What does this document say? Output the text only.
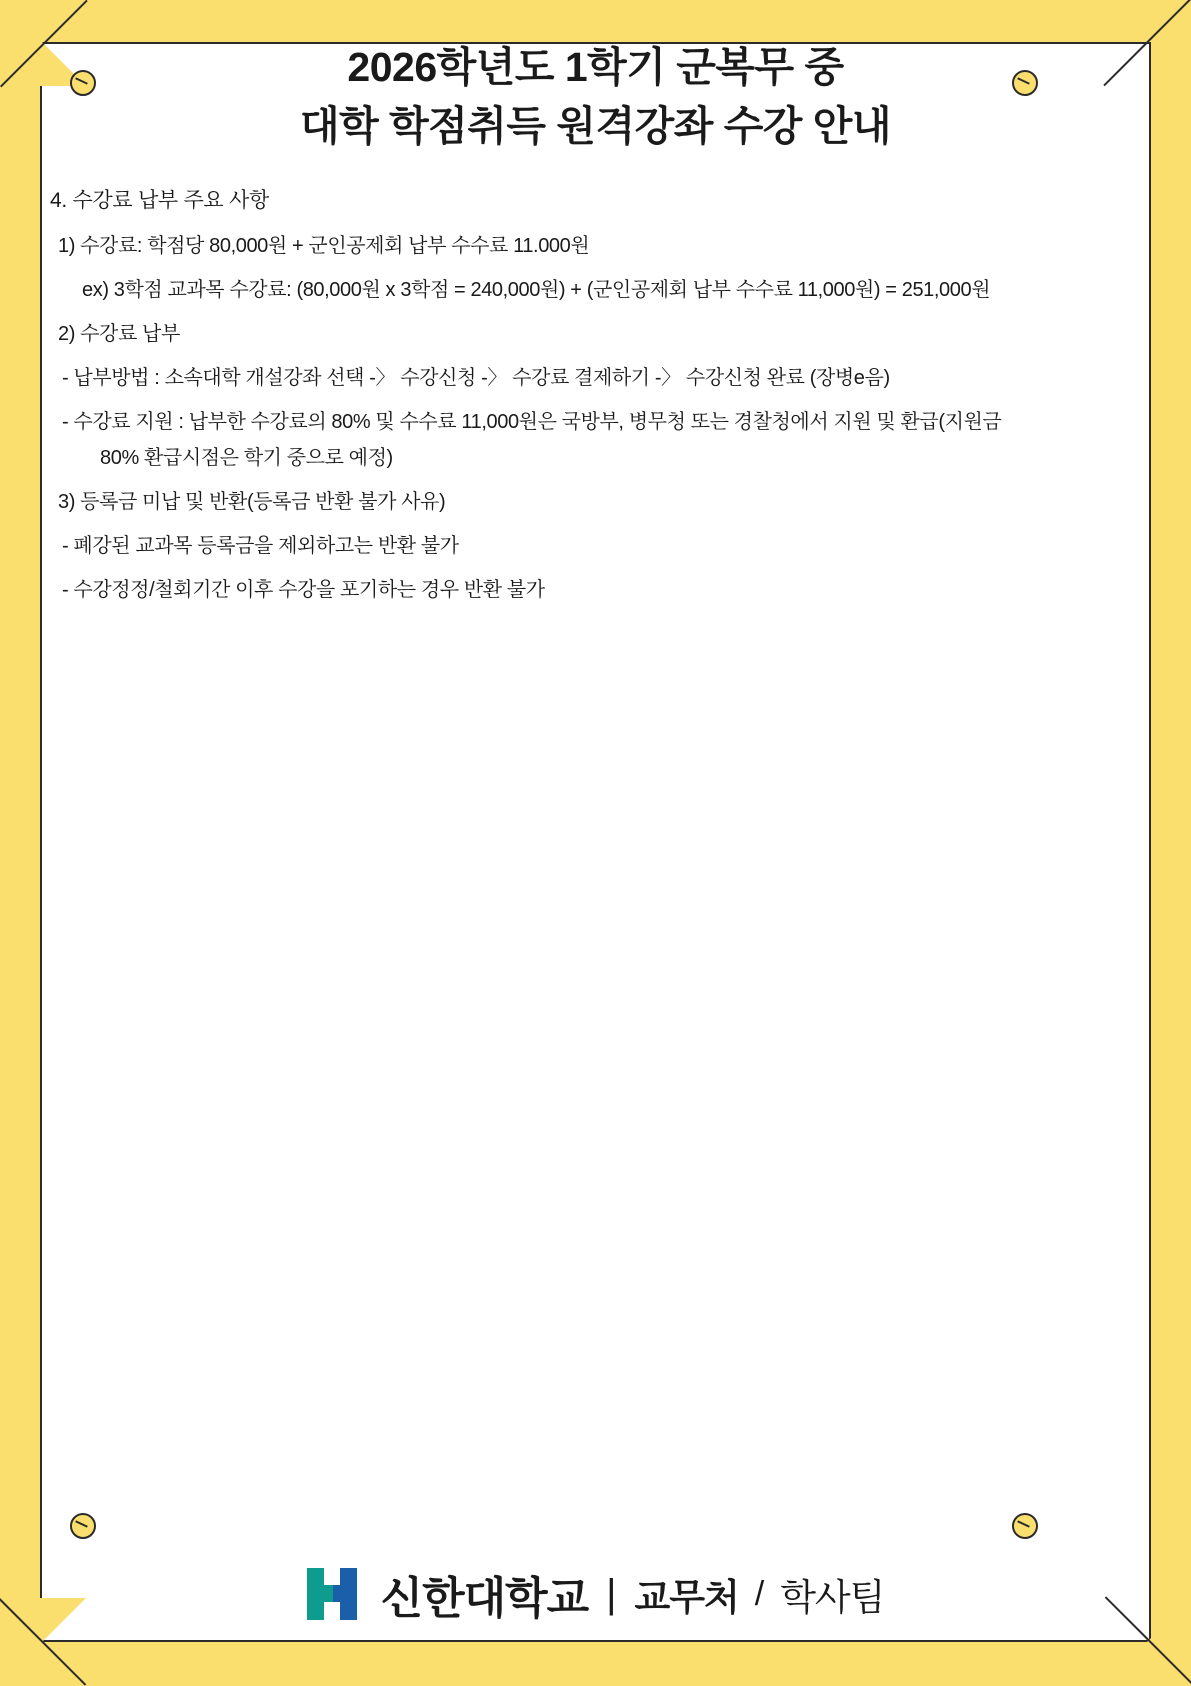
2026학년도 1학기 군복무 중
대학 학점취득 원격강좌 수강 안내

4. 수강료 납부 주요 사항

1) 수강료: 학점당 80,000원 + 군인공제회 납부 수수료 11.000원

ex) 3학점 교과목 수강료: (80,000원 x 3학점 = 240,000원) + (군인공제회 납부 수수료 11,000원) = 251,000원

2) 수강료 납부

- 납부방법 : 소속대학 개설강좌 선택 -〉 수강신청 -〉 수강료 결제하기 -〉 수강신청 완료 (장병e음)

- 수강료 지원 : 납부한 수강료의 80% 및 수수료 11,000원은 국방부, 병무청 또는 경찰청에서 지원 및 환급(지원금

80% 환급시점은 학기 중으로 예정)

3) 등록금 미납 및 반환(등록금 반환 불가 사유)

- 폐강된 교과목 등록금을 제외하고는 반환 불가

- 수강정정/철회기간 이후 수강을 포기하는 경우 반환 불가

신한대학교 | 교무처 / 학사팀
